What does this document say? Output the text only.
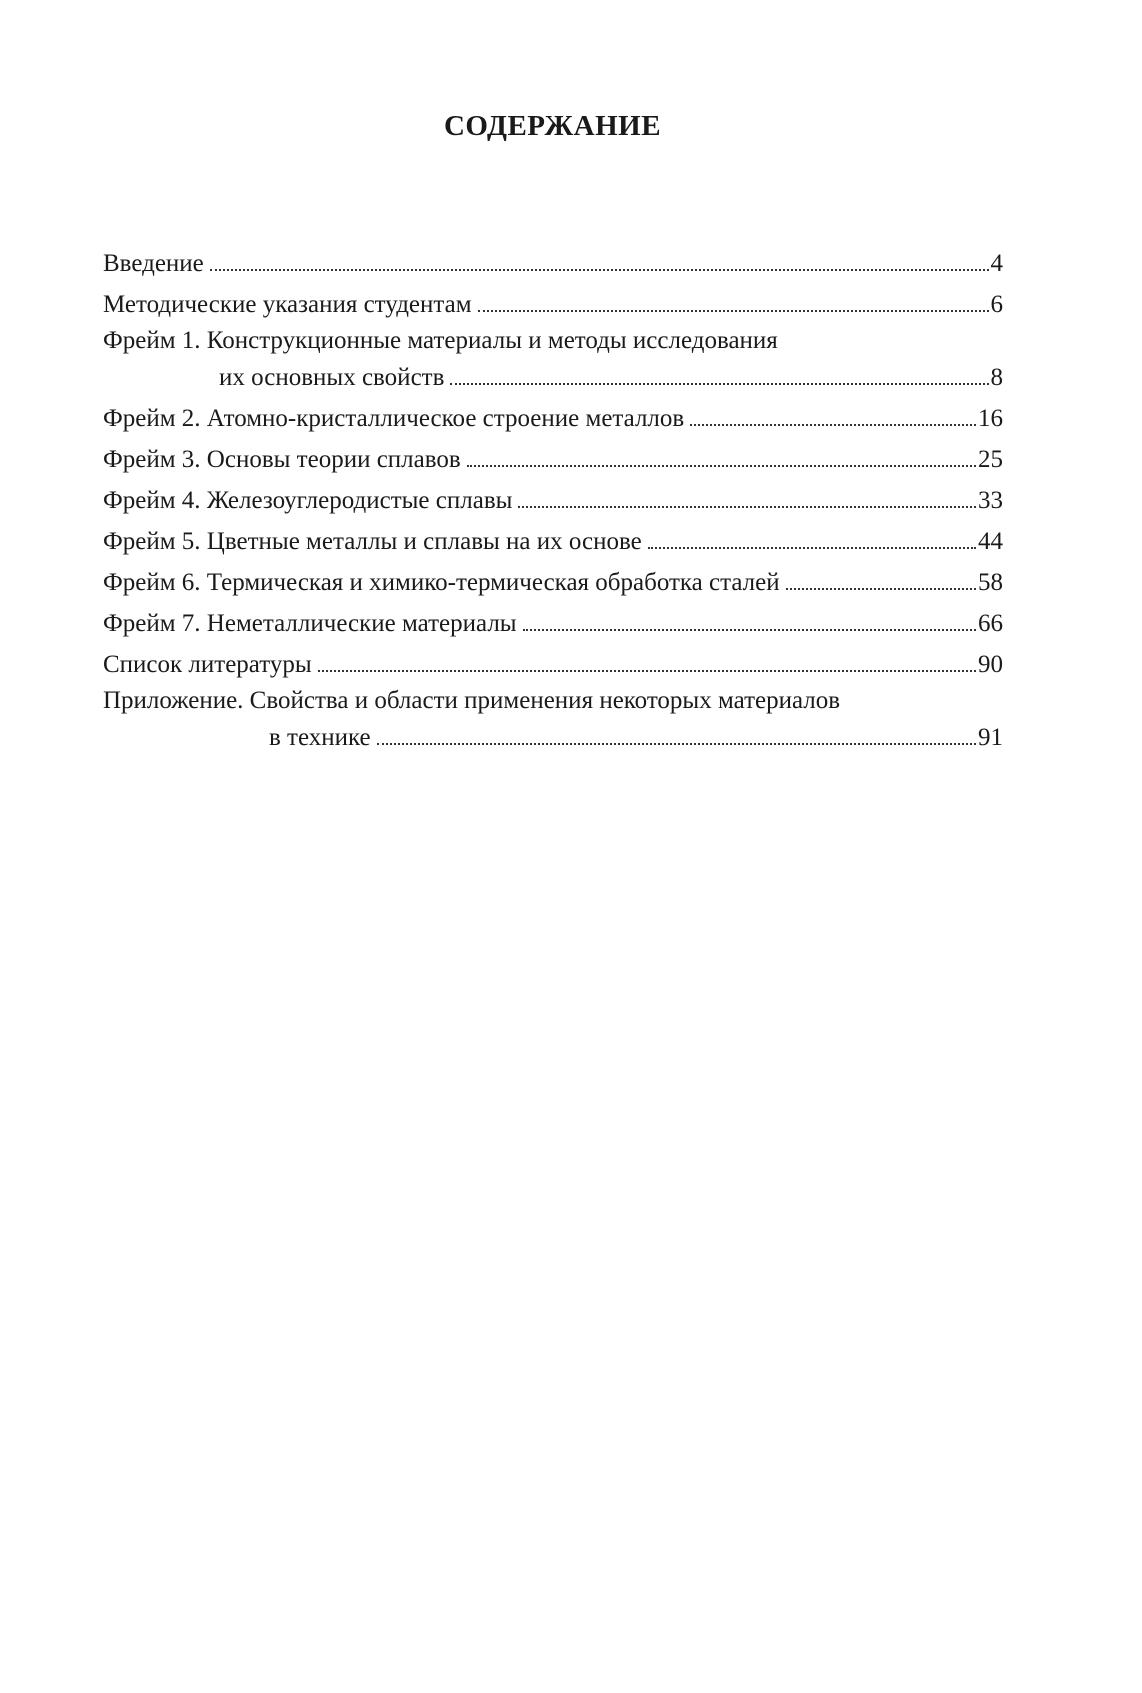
СОДЕРЖАНИЕ
Введение	4
Методические указания студентам	6
Фрейм 1. Конструкционные материалы и методы исследования
их основных свойств	8
Фрейм 2. Атомно-кристаллическое строение металлов	16
Фрейм 3. Основы теории сплавов	25
Фрейм 4. Железоуглеродистые сплавы	33
Фрейм 5. Цветные металлы и сплавы на их основе	44
Фрейм 6. Термическая и химико-термическая обработка сталей	58
Фрейм 7. Неметаллические материалы	66
Список литературы	90
Приложение. Свойства и области применения некоторых материалов
в технике	91
